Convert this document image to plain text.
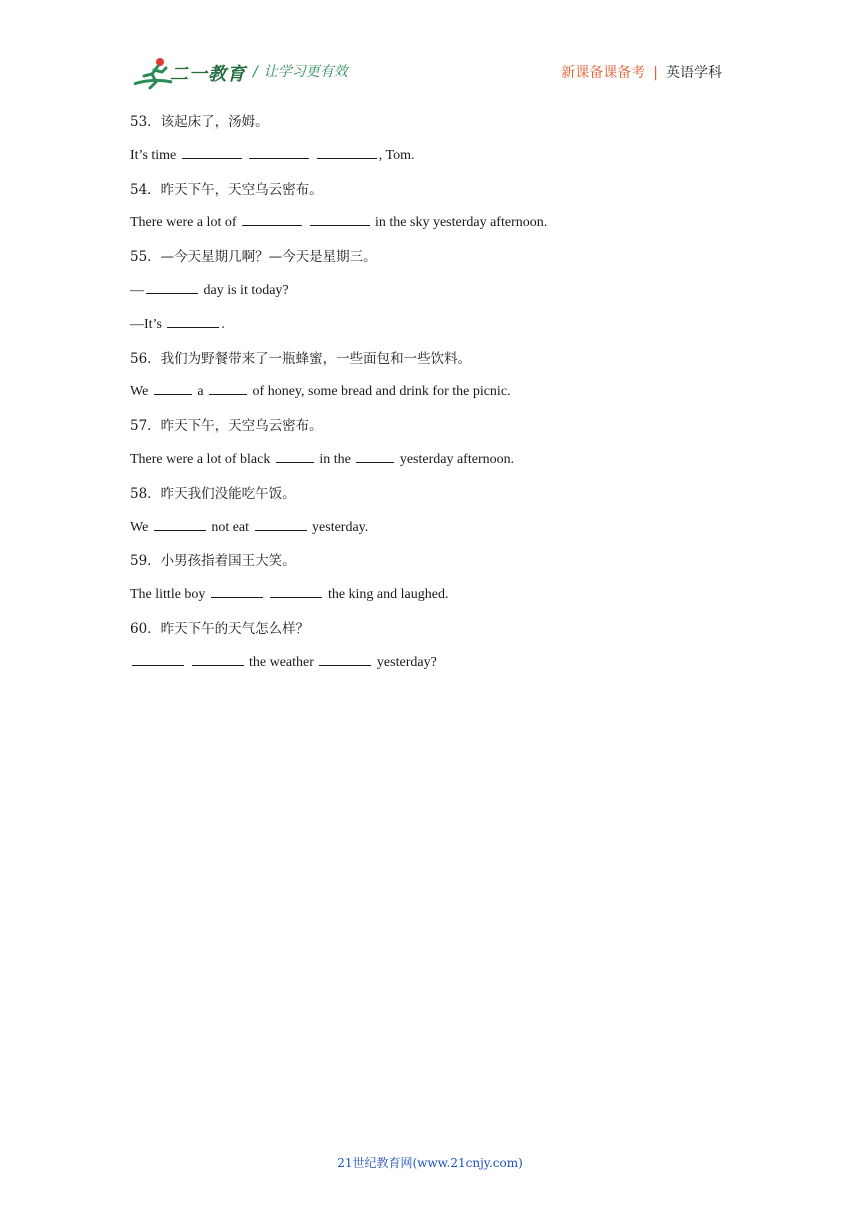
二一教育 / 让学习更有效	新课备课备考 | 英语学科
53．该起床了，汤姆。
It’s time	, Tom.
54．昨天下午，天空乌云密布。
There were a lot of	in the sky yesterday afternoon.
55．—今天星期几啊？—今天是星期三。
—	day is it today?
—It’s	.
56．我们为野餐带来了一瓶蜂蜜，一些面包和一些饮料。
We	a	of honey, some bread and drink for the picnic.
57．昨天下午，天空乌云密布。
There were a lot of black	in the	yesterday afternoon.
58．昨天我们没能吃午饭。
We	not eat	yesterday.
59．小男孩指着国王大笑。
The little boy	the king and laughed.
60．昨天下午的天气怎么样？
the weather	yesterday?
21世纪教育网(www.21cnjy.com)
